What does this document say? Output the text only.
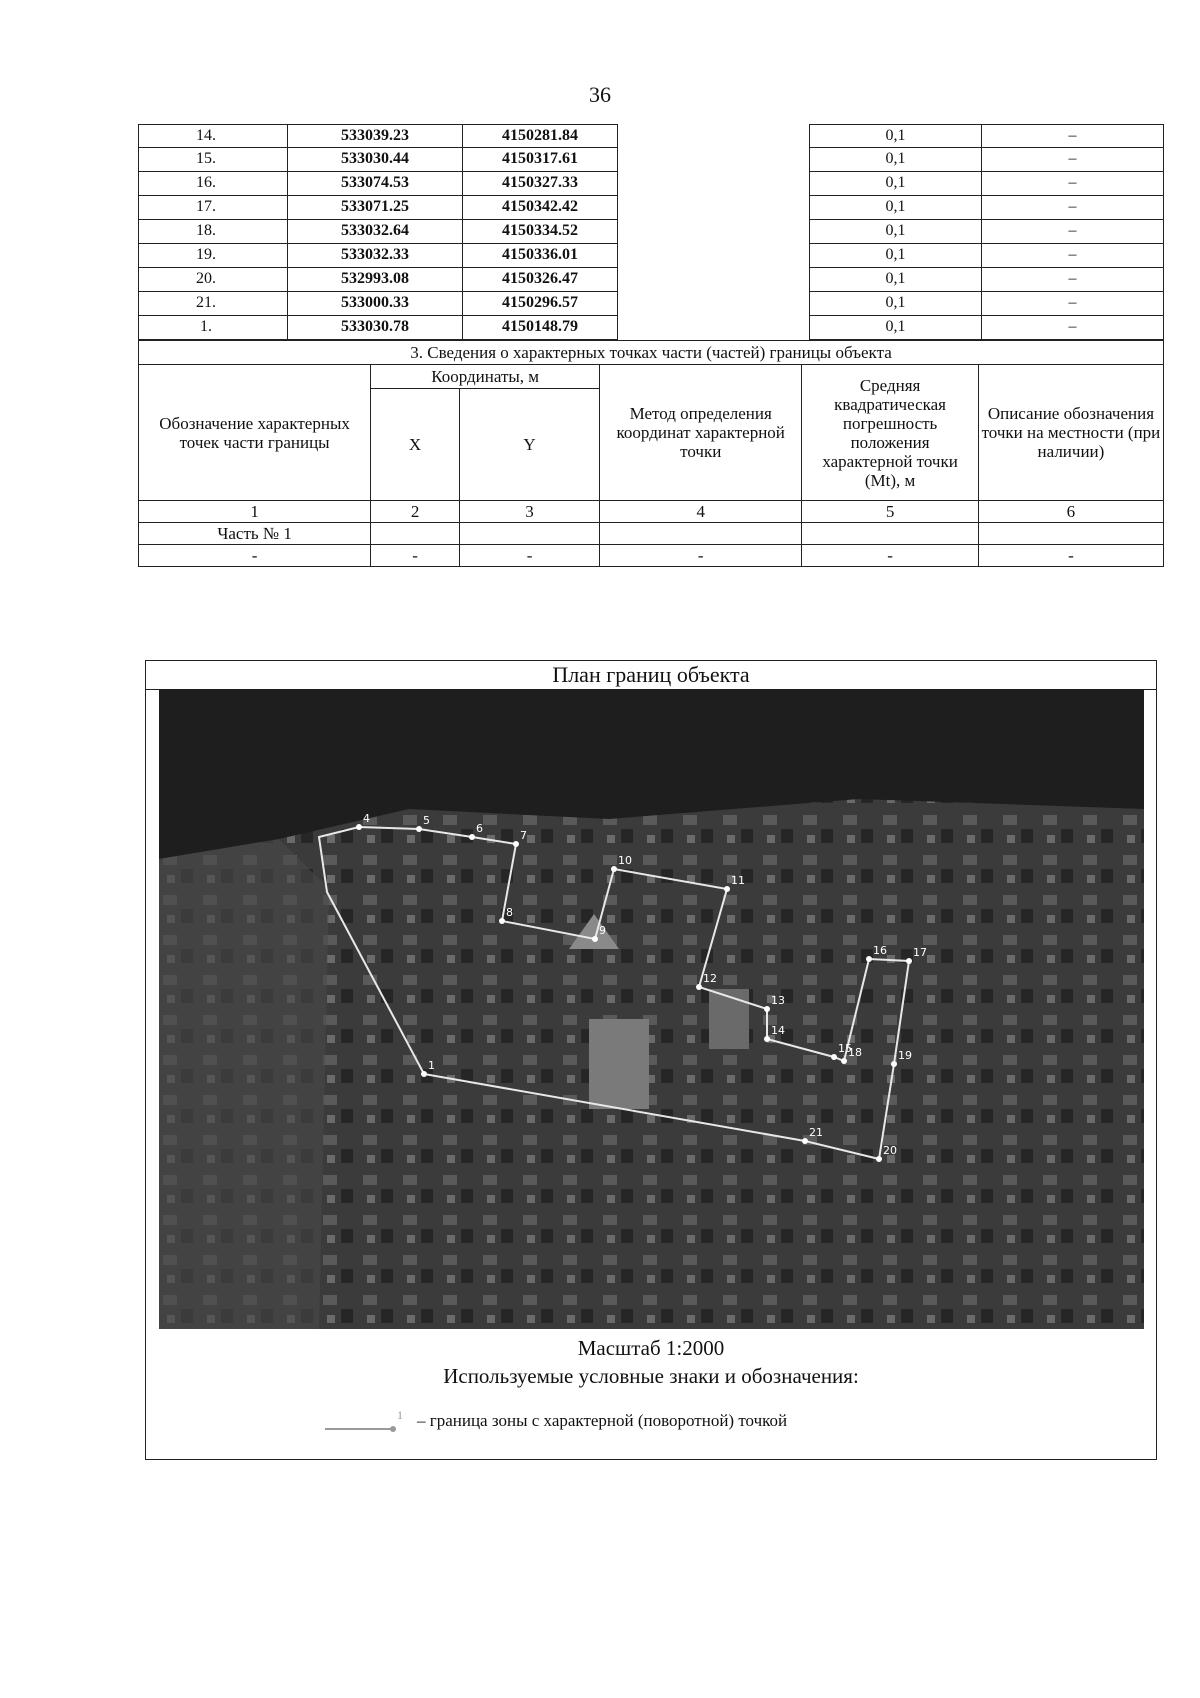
36
14.	533039.23	4150281.84	0,1	–
15.	533030.44	4150317.61	0,1	–
16.	533074.53	4150327.33	0,1	–
17.	533071.25	4150342.42	0,1	–
18.	533032.64	4150334.52	0,1	–
19.	533032.33	4150336.01	0,1	–
20.	532993.08	4150326.47	0,1	–
21.	533000.33	4150296.57	0,1	–
1.	533030.78	4150148.79	0,1	–
3. Сведения о характерных точках части (частей) границы объекта					
Обозначение характерных точек части границы	Координаты, м		Метод определения координат характерной точки	Средняя квадратическая погрешность положения характерной точки (Mt), м	Описание обозначения точки на местности (при наличии)
	X	Y			
1	2	3	4	5	6
Часть № 1					
-	-	-	-	-	-
План границ объекта
4	5
6
7
8
9
10
11
12
13
14
15
16 17
18	19
20
21
1
Масштаб 1:2000
Используемые условные знаки и обозначения:
1 – граница зоны с характерной (поворотной) точкой
